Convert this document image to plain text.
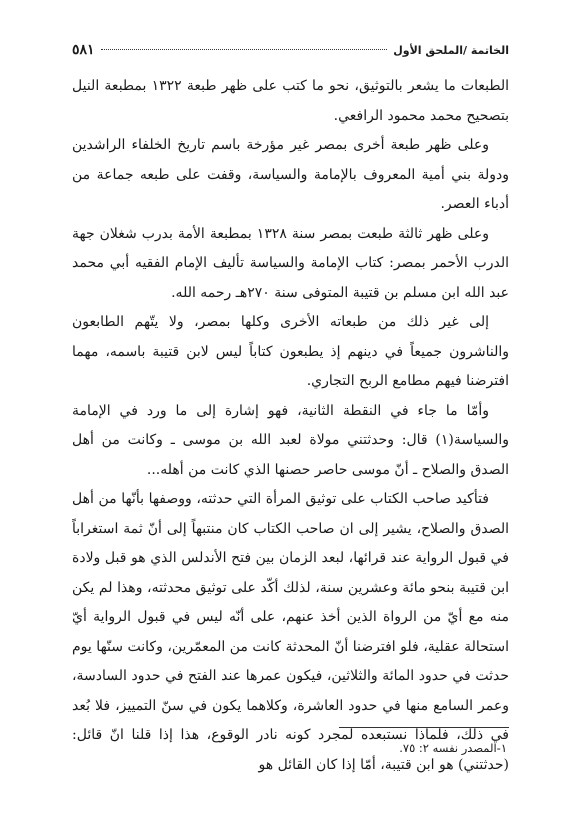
٥٨١	الخاتمة /الملحق الأول

الطبعات ما يشعر بالتوثيق، نحو ما كتب على ظهر طبعة ١٣٢٢ بمطبعة النيل بتصحيح محمد محمود الرافعي.

وعلى ظهر طبعة أخرى بمصر غير مؤرخة باسم تاريخ الخلفاء الراشدين ودولة بني أمية المعروف بالإمامة والسياسة، وقفت على طبعه جماعة من أدباء العصر.

وعلى ظهر ثالثة طبعت بمصر سنة ١٣٢٨ بمطبعة الأمة بدرب شغلان جهة الدرب الأحمر بمصر: كتاب الإمامة والسياسة تأليف الإمام الفقيه أبي محمد عبد الله ابن مسلم بن قتيبة المتوفى سنة ٢٧٠هـ رحمه الله.

إلى غير ذلك من طبعاته الأخرى وكلها بمصر، ولا يتّهم الطابعون والناشرون جميعاً في دينهم إذ يطبعون كتاباً ليس لابن قتيبة باسمه، مهما افترضنا فيهم مطامع الربح التجاري.

وأمّا ما جاء في النقطة الثانية، فهو إشارة إلى ما ورد في الإمامة والسياسة(١) قال: وحدثتني مولاة لعبد الله بن موسى ـ وكانت من أهل الصدق والصلاح ـ أنّ موسى حاصر حصنها الذي كانت من أهله...

فتأكيد صاحب الكتاب على توثيق المرأة التي حدثته، ووصفها بأنّها من أهل الصدق والصلاح، يشير إلى ان صاحب الكتاب كان منتبهاً إلى أنّ ثمة استغراباً في قبول الرواية عند قرائها، لبعد الزمان بين فتح الأندلس الذي هو قبل ولادة ابن قتيبة بنحو مائة وعشرين سنة، لذلك أكّد على توثيق محدثته، وهذا لم يكن منه مع أيّ من الرواة الذين أخذ عنهم، على أنّه ليس في قبول الرواية أيّ استحالة عقلية، فلو افترضنا أنّ المحدثة كانت من المعمّرين، وكانت سنّها يوم حدثت في حدود المائة والثلاثين، فيكون عمرها عند الفتح في حدود السادسة، وعمر السامع منها في حدود العاشرة، وكلاهما يكون في سنّ التمييز، فلا بُعد في ذلك، فلماذا نستبعده لمجرد كونه نادر الوقوع، هذا إذا قلنا انّ قائل: (حدثتني) هو ابن قتيبة، أمّا إذا كان القائل هو

١-المصدر نفسه ٢: ٧٥.
